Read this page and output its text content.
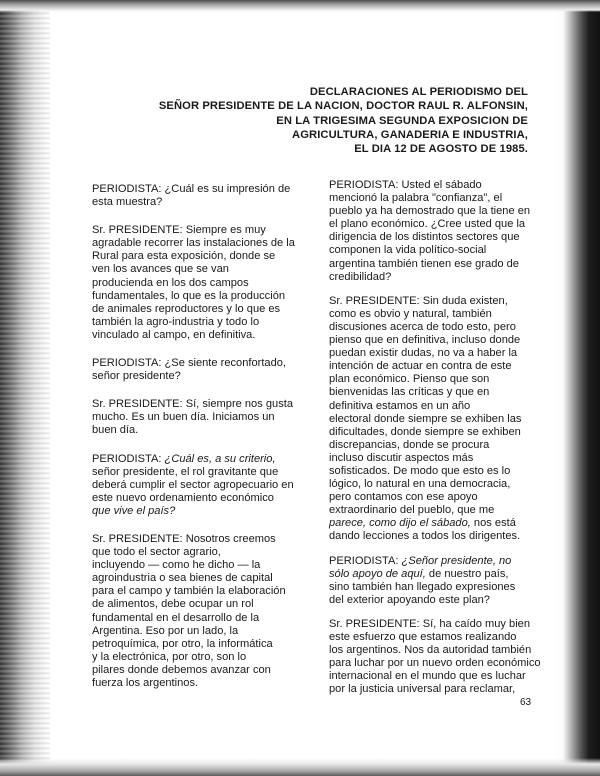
DECLARACIONES AL PERIODISMO DEL
SEÑOR PRESIDENTE DE LA NACION, DOCTOR RAUL R. ALFONSIN,
EN LA TRIGESIMA SEGUNDA EXPOSICION DE
AGRICULTURA, GANADERIA E INDUSTRIA,
EL DIA 12 DE AGOSTO DE 1985.
PERIODISTA: ¿Cuál es su impresión de
esta muestra?
Sr. PRESIDENTE: Siempre es muy
agradable recorrer las instalaciones de la
Rural para esta exposición, donde se
ven los avances que se van
producienda en los dos campos
fundamentales, lo que es la producción
de animales reproductores y lo que es
también la agro-industria y todo lo
vinculado al campo, en definitiva.
PERIODISTA: ¿Se siente reconfortado,
señor presidente?
Sr. PRESIDENTE: Sí, siempre nos gusta
mucho. Es un buen día. Iniciamos un
buen día.
PERIODISTA: ¿Cuál es, a su criterio,
señor presidente, el rol gravitante que
deberá cumplir el sector agropecuario en
este nuevo ordenamiento económico
que vive el país?
Sr. PRESIDENTE: Nosotros creemos
que todo el sector agrario,
incluyendo — como he dicho — la
agroindustria o sea bienes de capital
para el campo y también la elaboración
de alimentos, debe ocupar un rol
fundamental en el desarrollo de la
Argentina. Eso por un lado, la
petroquímica, por otro, la informática
y la electrónica, por otro, son lo
pilares donde debemos avanzar con
fuerza los argentinos.
PERIODISTA: Usted el sábado
mencionó la palabra "confianza", el
pueblo ya ha demostrado que la tiene en
el plano económico. ¿Cree usted que la
dirigencia de los distintos sectores que
componen la vida político-social
argentina también tienen ese grado de
credibilidad?
Sr. PRESIDENTE: Sin duda existen,
como es obvio y natural, también
discusiones acerca de todo esto, pero
pienso que en definitiva, incluso donde
puedan existir dudas, no va a haber la
intención de actuar en contra de este
plan económico. Pienso que son
bienvenidas las críticas y que en
definitiva estamos en un año
electoral donde siempre se exhiben las
dificultades, donde siempre se exhiben
discrepancias, donde se procura
incluso discutir aspectos más
sofisticados. De modo que esto es lo
lógico, lo natural en una democracia,
pero contamos con ese apoyo
extraordinario del pueblo, que me
parece, como dijo el sábado, nos está
dando lecciones a todos los dirigentes.
PERIODISTA: ¿Señor presidente, no
sólo apoyo de aquí, de nuestro país,
sino también han llegado expresiones
del exterior apoyando este plan?
Sr. PRESIDENTE: Sí, ha caído muy bien
este esfuerzo que estamos realizando
los argentinos. Nos da autoridad también
para luchar por un nuevo orden económico
internacional en el mundo que es luchar
por la justicia universal para reclamar,
63
